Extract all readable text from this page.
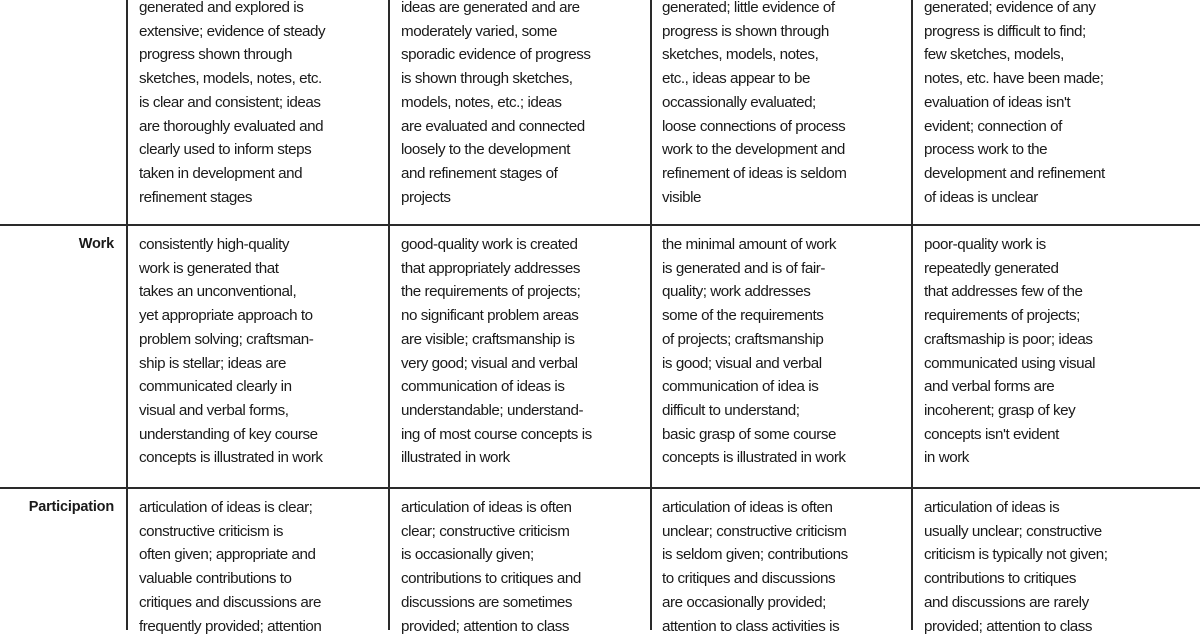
generated and explored is
extensive; evidence of steady
progress shown through
sketches, models, notes, etc.
is clear and consistent; ideas
are thoroughly evaluated and
clearly used to inform steps
taken in development and
refinement stages
ideas are generated and are
moderately varied, some
sporadic evidence of progress
is shown through sketches,
models, notes, etc.; ideas
are evaluated and connected
loosely to the development
and refinement stages of
projects
generated; little evidence of
progress is shown through
sketches, models, notes,
etc., ideas appear to be
occassionally evaluated;
loose connections of process
work to the development and
refinement of ideas is seldom
visible
generated; evidence of any
progress is difficult to find;
few sketches, models,
notes, etc. have been made;
evaluation of ideas isn't
evident; connection of
process work to the
development and refinement
of ideas is unclear
Work consistently high-quality
work is generated that
takes an unconventional,
yet appropriate approach to
problem solving; craftsman-
ship is stellar; ideas are
communicated clearly in
visual and verbal forms,
understanding of key course
concepts is illustrated in work
good-quality work is created
that appropriately addresses
the requirements of projects;
no significant problem areas
are visible; craftsmanship is
very good; visual and verbal
communication of ideas is
understandable; understand-
ing of most course concepts is
illustrated in work
the minimal amount of work
is generated and is of fair-
quality; work addresses
some of the requirements
of projects; craftsmanship
is good; visual and verbal
communication of idea is
difficult to understand;
basic grasp of some course
concepts is illustrated in work
poor-quality work is
repeatedly generated
that addresses few of the
requirements of projects;
craftsmaship is poor; ideas
communicated using visual
and verbal forms are
incoherent; grasp of key
concepts isn't evident
in work
Participation articulation of ideas is clear;
constructive criticism is
often given; appropriate and
valuable contributions to
critiques and discussions are
frequently provided; attention
articulation of ideas is often
clear; constructive criticism
is occasionally given;
contributions to critiques and
discussions are sometimes
provided; attention to class
articulation of ideas is often
unclear; constructive criticism
is seldom given; contributions
to critiques and discussions
are occasionally provided;
attention to class activities is
articulation of ideas is
usually unclear; constructive
criticism is typically not given;
contributions to critiques
and discussions are rarely
provided; attention to class
